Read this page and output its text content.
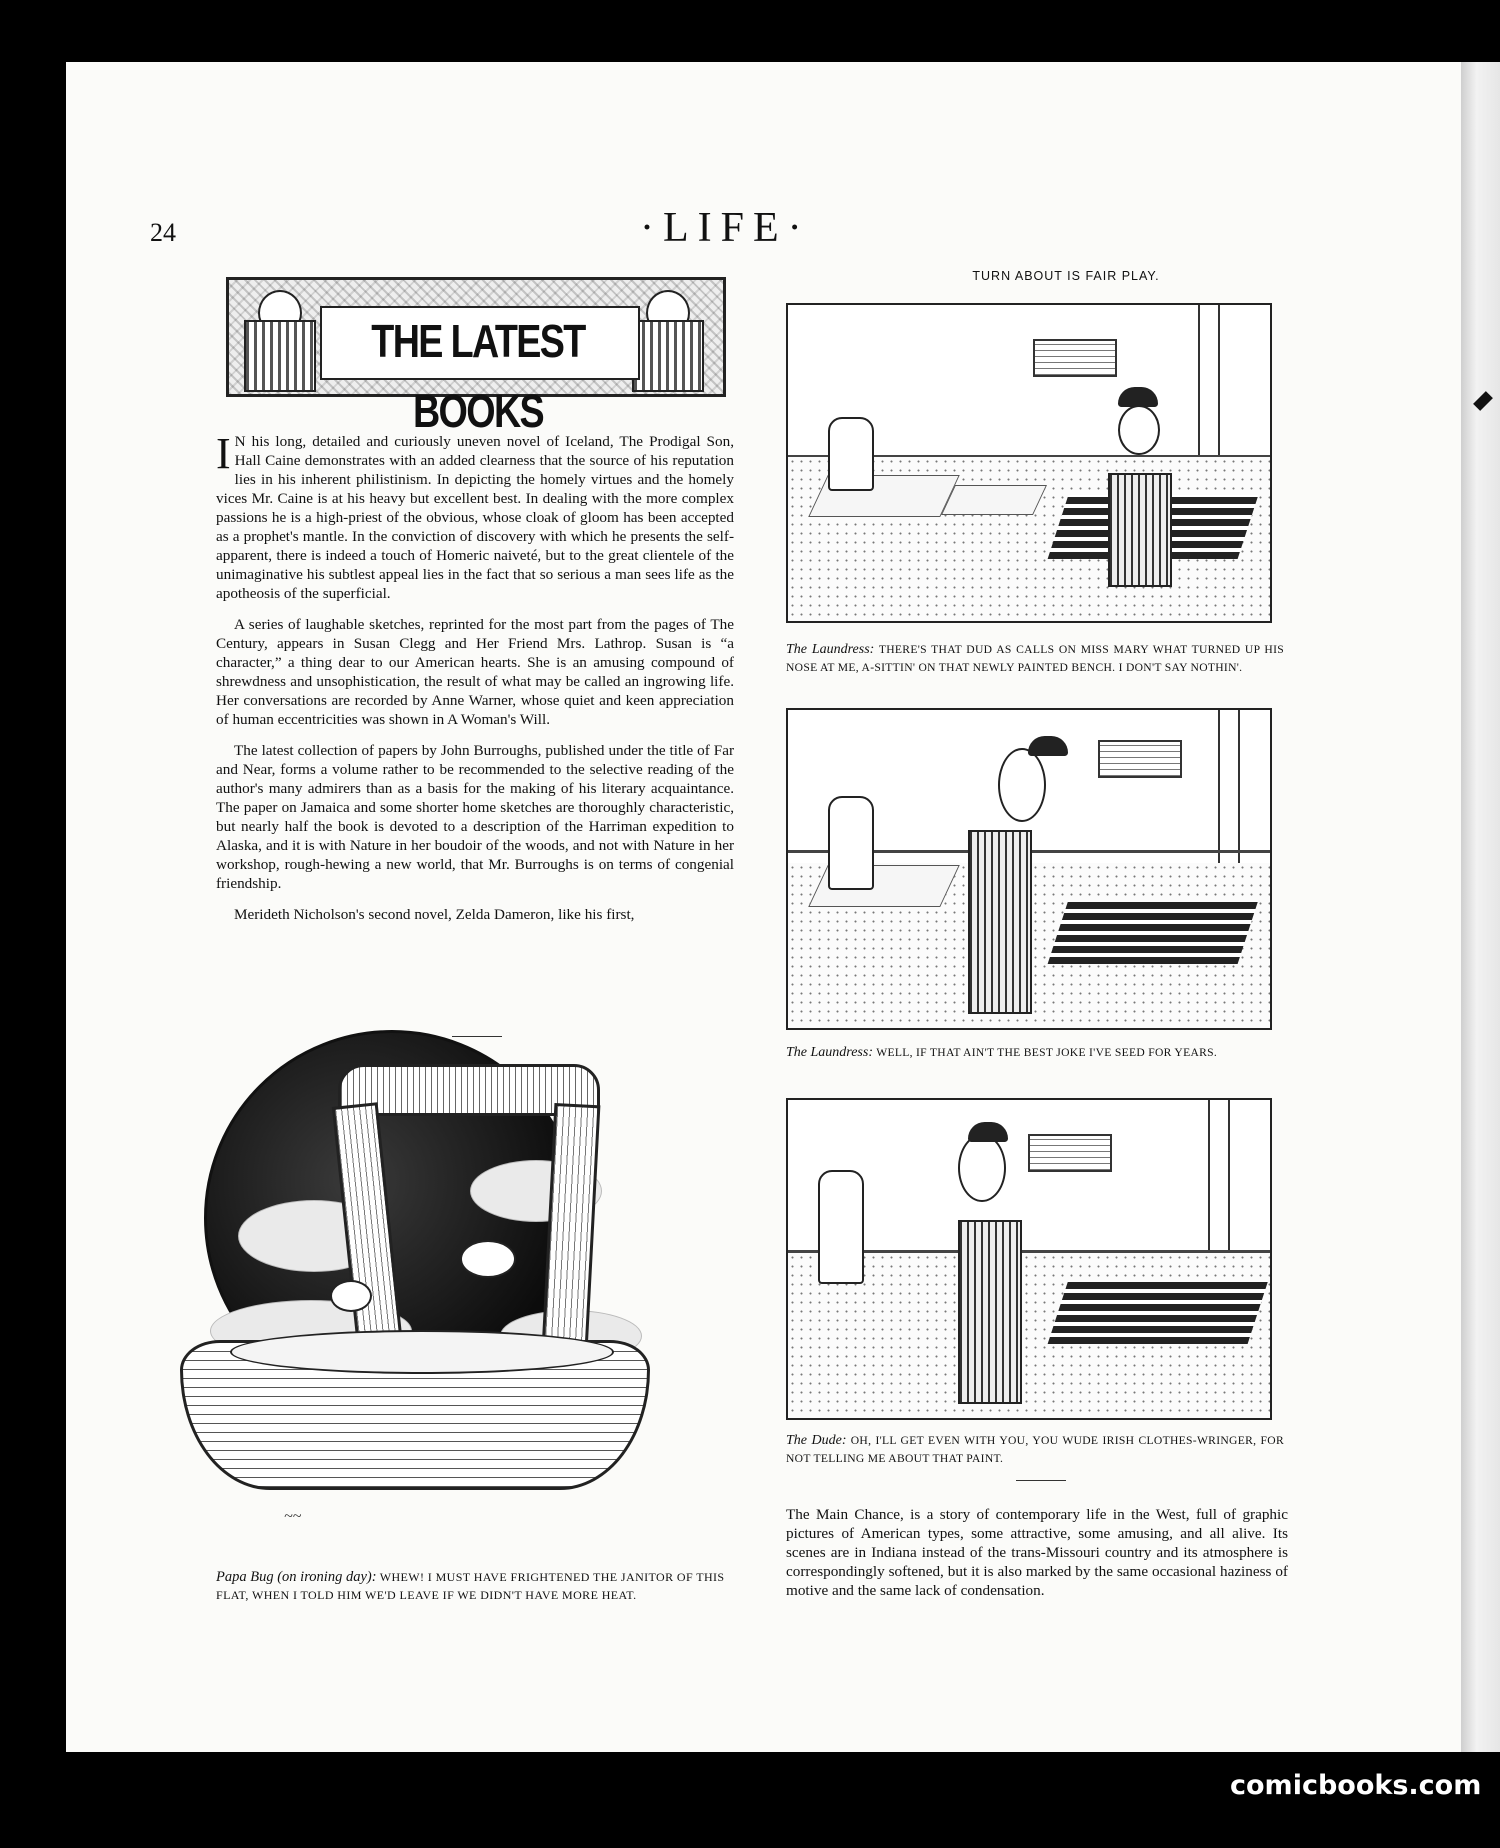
24	·LIFE·
THE LATEST BOOKS

I N his long, detailed and curiously uneven novel of Iceland, The Prodigal Son, Hall Caine demonstrates with an added clearness that the source of his reputation lies in his inherent philistinism. In depicting the homely virtues and the homely vices Mr. Caine is at his heavy but excellent best. In dealing with the more complex passions he is a high-priest of the obvious, whose cloak of gloom has been accepted as a prophet's mantle. In the conviction of discovery with which he presents the self-apparent, there is indeed a touch of Homeric naiveté, but to the great clientele of the unimaginative his subtlest appeal lies in the fact that so serious a man sees life as the apotheosis of the superficial.

A series of laughable sketches, reprinted for the most part from the pages of The Century, appears in Susan Clegg and Her Friend Mrs. Lathrop. Susan is “a character,” a thing dear to our American hearts. She is an amusing compound of shrewdness and unsophistication, the result of what may be called an ingrowing life. Her conversations are recorded by Anne Warner, whose quiet and keen appreciation of human eccentricities was shown in A Woman's Will.

The latest collection of papers by John Burroughs, published under the title of Far and Near, forms a volume rather to be recommended to the selective reading of the author's many admirers than as a basis for the making of his literary acquaintance. The paper on Jamaica and some shorter home sketches are thoroughly characteristic, but nearly half the book is devoted to a description of the Harriman expedition to Alaska, and it is with Nature in her boudoir of the woods, and not with Nature in her workshop, rough-hewing a new world, that Mr. Burroughs is on terms of congenial friendship.

Merideth Nicholson's second novel, Zelda Dameron, like his first,

~~
Papa Bug (on ironing day): WHEW! I MUST HAVE FRIGHTENED THE JANITOR OF THIS FLAT, WHEN I TOLD HIM WE'D LEAVE IF WE DIDN'T HAVE MORE HEAT.
TURN ABOUT IS FAIR PLAY.
The Laundress: THERE'S THAT DUD AS CALLS ON MISS MARY WHAT TURNED UP HIS NOSE AT ME, A-SITTIN' ON THAT NEWLY PAINTED BENCH. I DON'T SAY NOTHIN'.
The Laundress: WELL, IF THAT AIN'T THE BEST JOKE I'VE SEED FOR YEARS.
The Dude: OH, I'LL GET EVEN WITH YOU, YOU WUDE IRISH CLOTHES-WRINGER, FOR NOT TELLING ME ABOUT THAT PAINT.
The Main Chance, is a story of contemporary life in the West, full of graphic pictures of American types, some attractive, some amusing, and all alive. Its scenes are in Indiana instead of the trans-Missouri country and its atmosphere is correspondingly softened, but it is also marked by the same occasional haziness of motive and the same lack of condensation.
comicbooks.com
